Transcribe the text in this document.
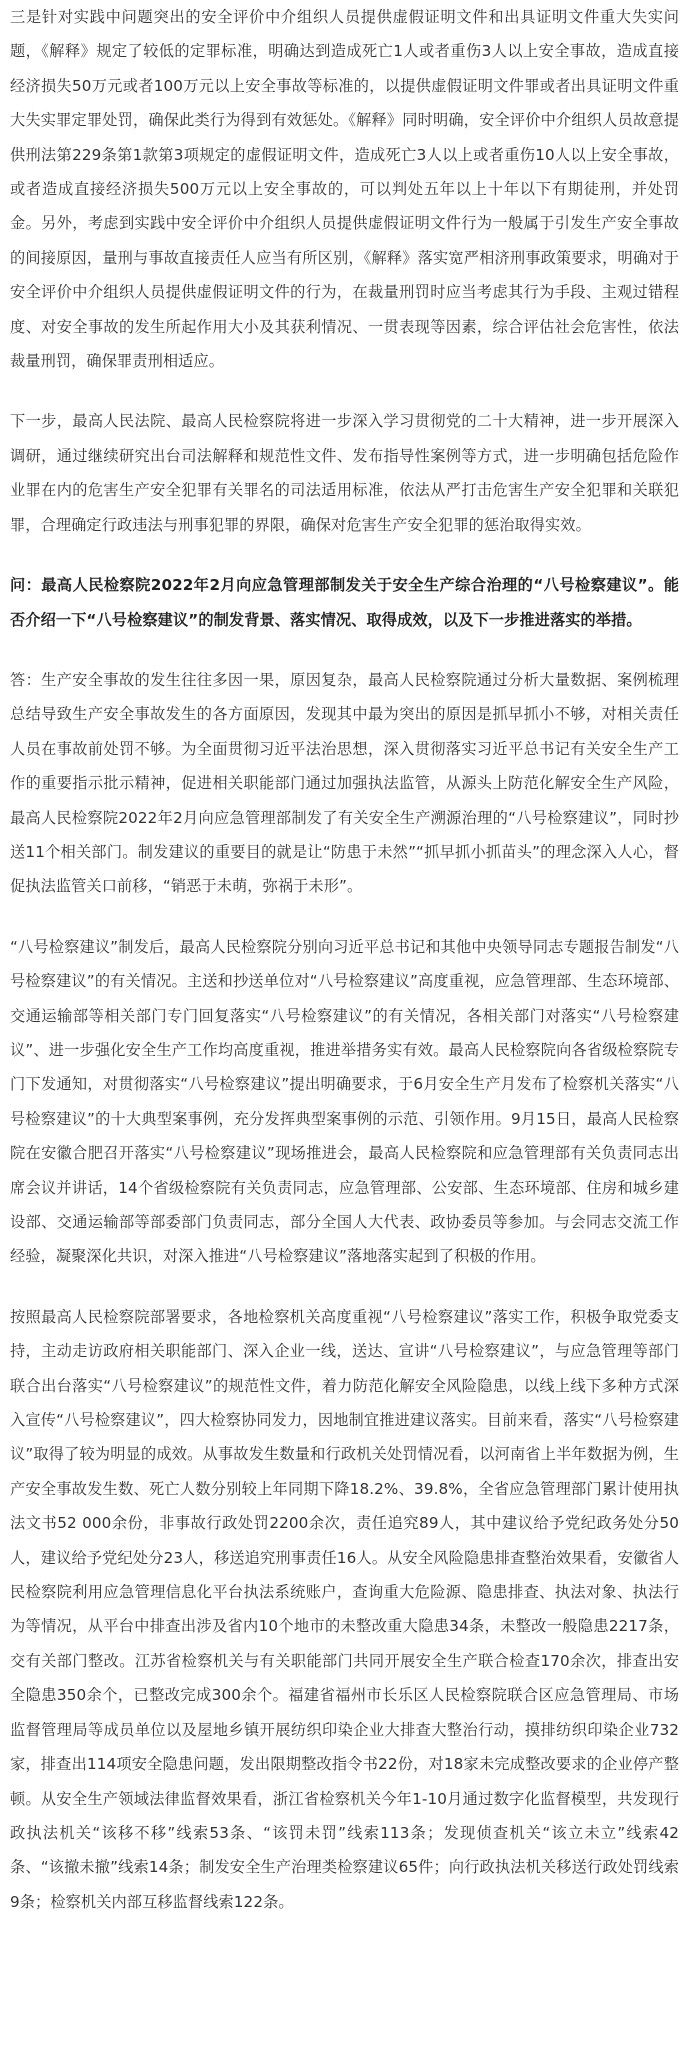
三是针对实践中问题突出的安全评价中介组织人员提供虚假证明文件和出具证明文件重大失实问题，《解释》规定了较低的定罪标准，明确达到造成死亡1人或者重伤3人以上安全事故，造成直接经济损失50万元或者100万元以上安全事故等标准的，以提供虚假证明文件罪或者出具证明文件重大失实罪定罪处罚，确保此类行为得到有效惩处。《解释》同时明确，安全评价中介组织人员故意提供刑法第229条第1款第3项规定的虚假证明文件，造成死亡3人以上或者重伤10人以上安全事故，或者造成直接经济损失500万元以上安全事故的，可以判处五年以上十年以下有期徒刑，并处罚金。另外，考虑到实践中安全评价中介组织人员提供虚假证明文件行为一般属于引发生产安全事故的间接原因，量刑与事故直接责任人应当有所区别，《解释》落实宽严相济刑事政策要求，明确对于安全评价中介组织人员提供虚假证明文件的行为，在裁量刑罚时应当考虑其行为手段、主观过错程度、对安全事故的发生所起作用大小及其获利情况、一贯表现等因素，综合评估社会危害性，依法裁量刑罚，确保罪责刑相适应。

下一步，最高人民法院、最高人民检察院将进一步深入学习贯彻党的二十大精神，进一步开展深入调研，通过继续研究出台司法解释和规范性文件、发布指导性案例等方式，进一步明确包括危险作业罪在内的危害生产安全犯罪有关罪名的司法适用标准，依法从严打击危害生产安全犯罪和关联犯罪，合理确定行政违法与刑事犯罪的界限，确保对危害生产安全犯罪的惩治取得实效。

问：最高人民检察院2022年2月向应急管理部制发关于安全生产综合治理的“八号检察建议”。能否介绍一下“八号检察建议”的制发背景、落实情况、取得成效，以及下一步推进落实的举措。

答：生产安全事故的发生往往多因一果，原因复杂，最高人民检察院通过分析大量数据、案例梳理总结导致生产安全事故发生的各方面原因，发现其中最为突出的原因是抓早抓小不够，对相关责任人员在事故前处罚不够。为全面贯彻习近平法治思想，深入贯彻落实习近平总书记有关安全生产工作的重要指示批示精神，促进相关职能部门通过加强执法监管，从源头上防范化解安全生产风险，最高人民检察院2022年2月向应急管理部制发了有关安全生产溯源治理的“八号检察建议”，同时抄送11个相关部门。制发建议的重要目的就是让“防患于未然”“抓早抓小抓苗头”的理念深入人心，督促执法监管关口前移，“销恶于未萌，弥祸于未形”。

“八号检察建议”制发后，最高人民检察院分别向习近平总书记和其他中央领导同志专题报告制发“八号检察建议”的有关情况。主送和抄送单位对“八号检察建议”高度重视，应急管理部、生态环境部、交通运输部等相关部门专门回复落实“八号检察建议”的有关情况，各相关部门对落实“八号检察建议”、进一步强化安全生产工作均高度重视，推进举措务实有效。最高人民检察院向各省级检察院专门下发通知，对贯彻落实“八号检察建议”提出明确要求，于6月安全生产月发布了检察机关落实“八号检察建议”的十大典型案事例，充分发挥典型案事例的示范、引领作用。9月15日，最高人民检察院在安徽合肥召开落实“八号检察建议”现场推进会，最高人民检察院和应急管理部有关负责同志出席会议并讲话，14个省级检察院有关负责同志，应急管理部、公安部、生态环境部、住房和城乡建设部、交通运输部等部委部门负责同志，部分全国人大代表、政协委员等参加。与会同志交流工作经验，凝聚深化共识，对深入推进“八号检察建议”落地落实起到了积极的作用。

按照最高人民检察院部署要求，各地检察机关高度重视“八号检察建议”落实工作，积极争取党委支持，主动走访政府相关职能部门、深入企业一线，送达、宣讲“八号检察建议”，与应急管理等部门联合出台落实“八号检察建议”的规范性文件，着力防范化解安全风险隐患，以线上线下多种方式深入宣传“八号检察建议”，四大检察协同发力，因地制宜推进建议落实。目前来看，落实“八号检察建议”取得了较为明显的成效。从事故发生数量和行政机关处罚情况看，以河南省上半年数据为例，生产安全事故发生数、死亡人数分别较上年同期下降18.2%、39.8%，全省应急管理部门累计使用执法文书52 000余份，非事故行政处罚2200余次，责任追究89人，其中建议给予党纪政务处分50人，建议给予党纪处分23人，移送追究刑事责任16人。从安全风险隐患排查整治效果看，安徽省人民检察院利用应急管理信息化平台执法系统账户，查询重大危险源、隐患排查、执法对象、执法行为等情况，从平台中排查出涉及省内10个地市的未整改重大隐患34条，未整改一般隐患2217条，交有关部门整改。江苏省检察机关与有关职能部门共同开展安全生产联合检查170余次，排查出安全隐患350余个，已整改完成300余个。福建省福州市长乐区人民检察院联合区应急管理局、市场监督管理局等成员单位以及屋地乡镇开展纺织印染企业大排查大整治行动，摸排纺织印染企业732家，排查出114项安全隐患问题，发出限期整改指令书22份，对18家未完成整改要求的企业停产整顿。从安全生产领域法律监督效果看，浙江省检察机关今年1-10月通过数字化监督模型，共发现行政执法机关“该移不移”线索53条、“该罚未罚”线索113条；发现侦查机关“该立未立”线索42条、“该撤未撤”线索14条；制发安全生产治理类检察建议65件；向行政执法机关移送行政处罚线索9条；检察机关内部互移监督线索122条。
